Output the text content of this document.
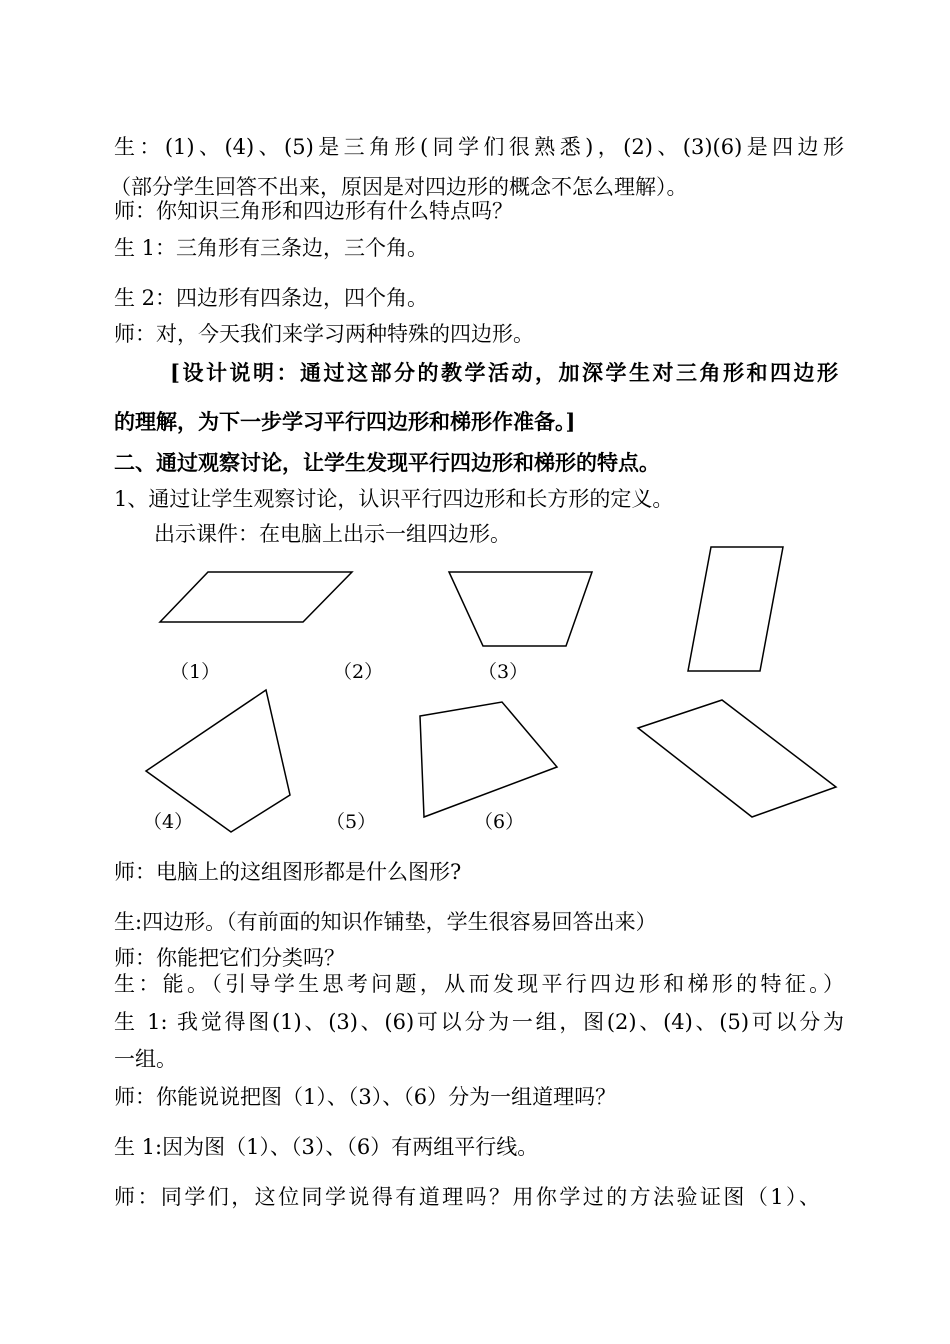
生：(1)、(4)、(5)是三角形(同学们很熟悉)，(2)、(3)(6)是四边形
（部分学生回答不出来，原因是对四边形的概念不怎么理解）。
师：你知识三角形和四边形有什么特点吗？
生 1：三角形有三条边，三个角。
生 2：四边形有四条边，四个角。
师：对，今天我们来学习两种特殊的四边形。
[设计说明：通过这部分的教学活动，加深学生对三角形和四边形
的理解，为下一步学习平行四边形和梯形作准备。]
二、通过观察讨论，让学生发现平行四边形和梯形的特点。
1、通过让学生观察讨论，认识平行四边形和长方形的定义。
出示课件：在电脑上出示一组四边形。
（1）	（2）	（3）
（4）	（5）	（6）
师：电脑上的这组图形都是什么图形?
生:四边形。（有前面的知识作铺垫，学生很容易回答出来）
师：你能把它们分类吗？
生：能。（引导学生思考问题，从而发现平行四边形和梯形的特征。）
生 1: 我觉得图(1)、(3)、(6)可以分为一组，图(2)、(4)、(5)可以分为
一组。
师：你能说说把图（1）、（3）、（6）分为一组道理吗？
生 1:因为图（1）、（3）、（6）有两组平行线。
师：同学们，这位同学说得有道理吗？用你学过的方法验证图（1）、
